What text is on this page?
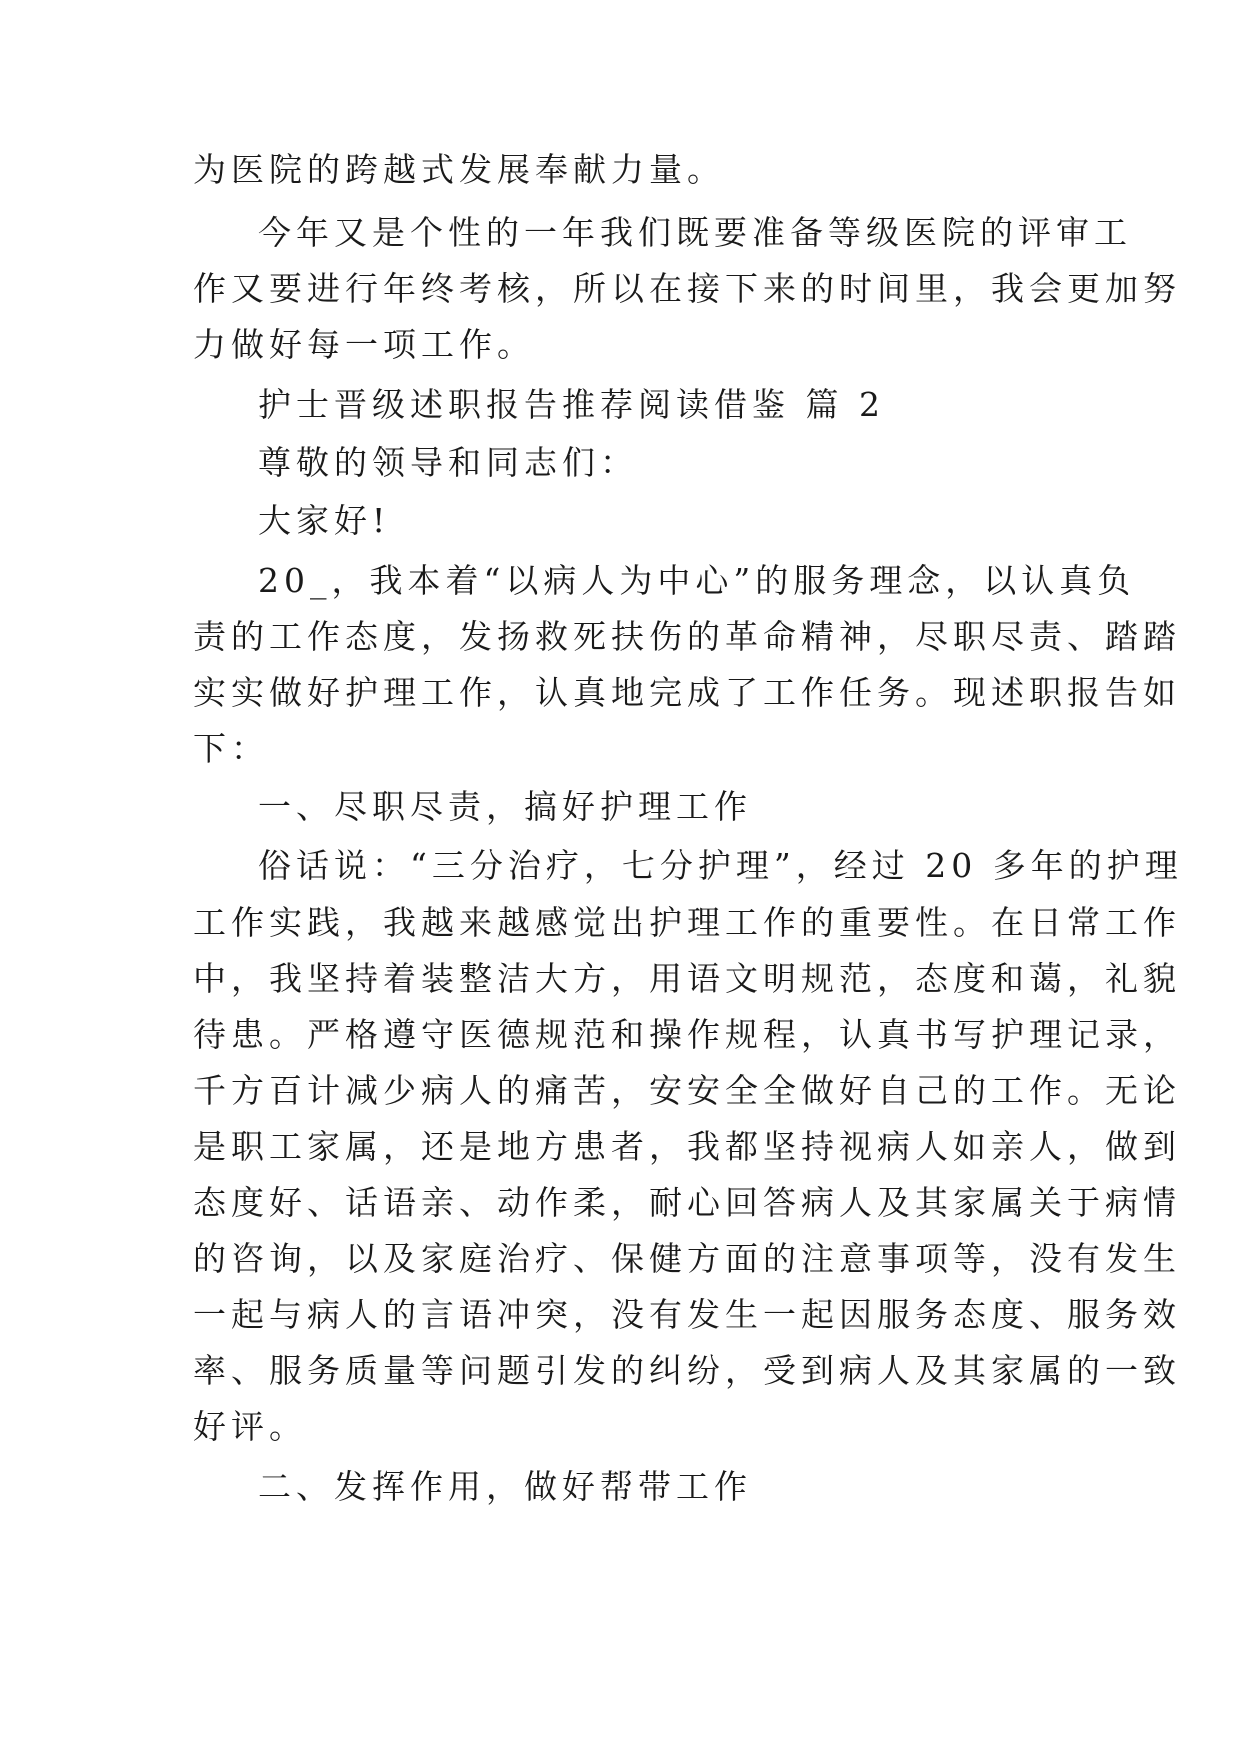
为医院的跨越式发展奉献力量。
今年又是个性的一年我们既要准备等级医院的评审工
作又要进行年终考核，所以在接下来的时间里，我会更加努
力做好每一项工作。
护士晋级述职报告推荐阅读借鉴 篇 2
尊敬的领导和同志们：
大家好!
20_，我本着“以病人为中心”的服务理念，以认真负
责的工作态度，发扬救死扶伤的革命精神，尽职尽责、踏踏
实实做好护理工作，认真地完成了工作任务。现述职报告如
下：
一、尽职尽责，搞好护理工作
俗话说：“三分治疗，七分护理”，经过 20 多年的护理
工作实践，我越来越感觉出护理工作的重要性。在日常工作
中，我坚持着装整洁大方，用语文明规范，态度和蔼，礼貌
待患。严格遵守医德规范和操作规程，认真书写护理记录，
千方百计减少病人的痛苦，安安全全做好自己的工作。无论
是职工家属，还是地方患者，我都坚持视病人如亲人，做到
态度好、话语亲、动作柔，耐心回答病人及其家属关于病情
的咨询，以及家庭治疗、保健方面的注意事项等，没有发生
一起与病人的言语冲突，没有发生一起因服务态度、服务效
率、服务质量等问题引发的纠纷，受到病人及其家属的一致
好评。
二、发挥作用，做好帮带工作
